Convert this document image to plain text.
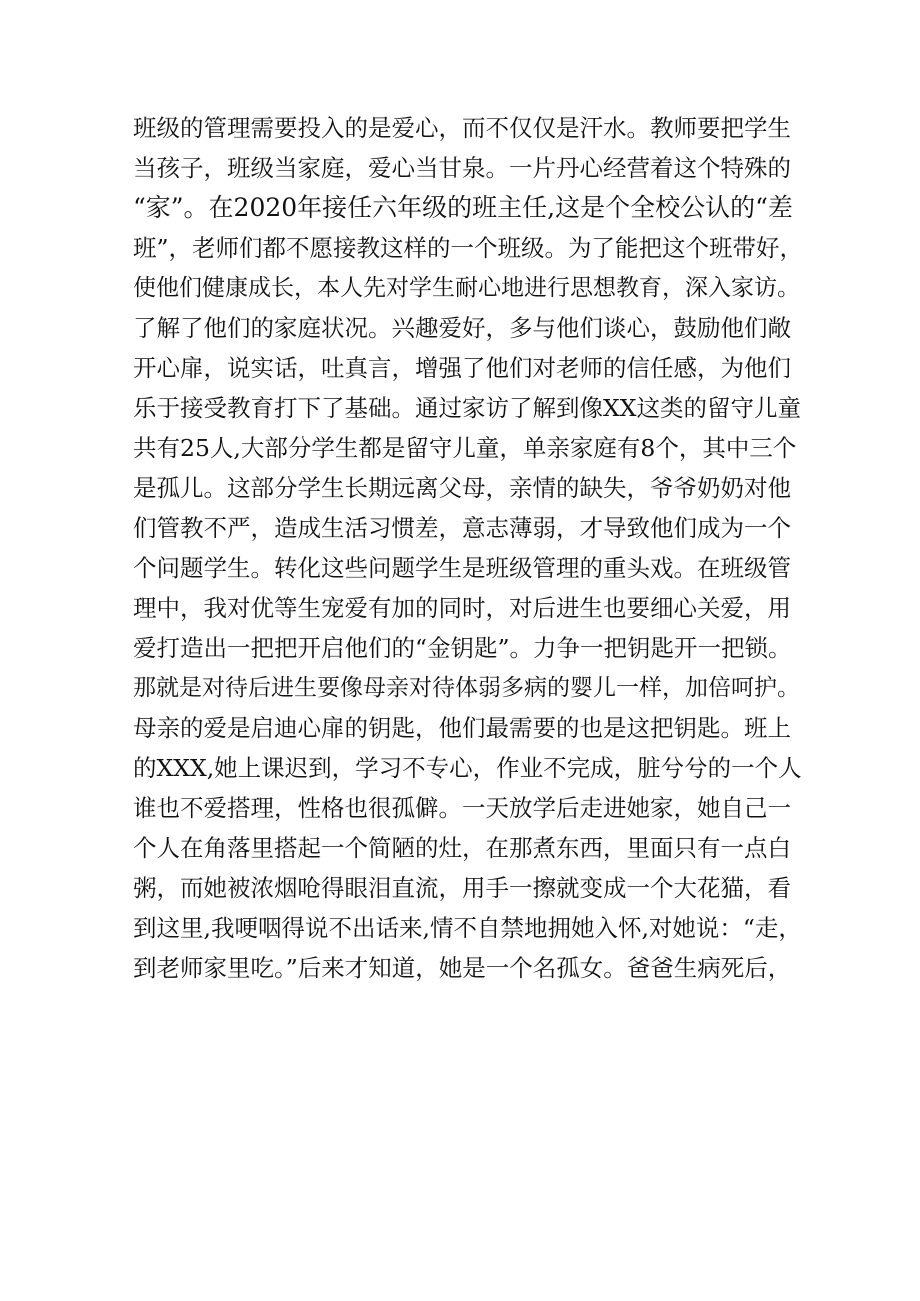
班级的管理需要投入的是爱心，而不仅仅是汗水。教师要把学生
当孩子，班级当家庭，爱心当甘泉。一片丹心经营着这个特殊的
“家”。在2020年接任六年级的班主任,这是个全校公认的“差
班”，老师们都不愿接教这样的一个班级。为了能把这个班带好，
使他们健康成长，本人先对学生耐心地进行思想教育，深入家访。
了解了他们的家庭状况。兴趣爱好，多与他们谈心，鼓励他们敞
开心扉，说实话，吐真言，增强了他们对老师的信任感，为他们
乐于接受教育打下了基础。通过家访了解到像XX这类的留守儿童
共有25人,大部分学生都是留守儿童，单亲家庭有8个，其中三个
是孤儿。这部分学生长期远离父母，亲情的缺失，爷爷奶奶对他
们管教不严，造成生活习惯差，意志薄弱，才导致他们成为一个
个问题学生。转化这些问题学生是班级管理的重头戏。在班级管
理中，我对优等生宠爱有加的同时，对后进生也要细心关爱，用
爱打造出一把把开启他们的“金钥匙”。力争一把钥匙开一把锁。
那就是对待后进生要像母亲对待体弱多病的婴儿一样，加倍呵护。
母亲的爱是启迪心扉的钥匙，他们最需要的也是这把钥匙。班上
的XXX,她上课迟到，学习不专心，作业不完成，脏兮兮的一个人
谁也不爱搭理，性格也很孤僻。一天放学后走进她家，她自己一
个人在角落里搭起一个简陋的灶，在那煮东西，里面只有一点白
粥，而她被浓烟呛得眼泪直流，用手一擦就变成一个大花猫，看
到这里,我哽咽得说不出话来,情不自禁地拥她入怀,对她说：“走，
到老师家里吃。”后来才知道，她是一个名孤女。爸爸生病死后，
